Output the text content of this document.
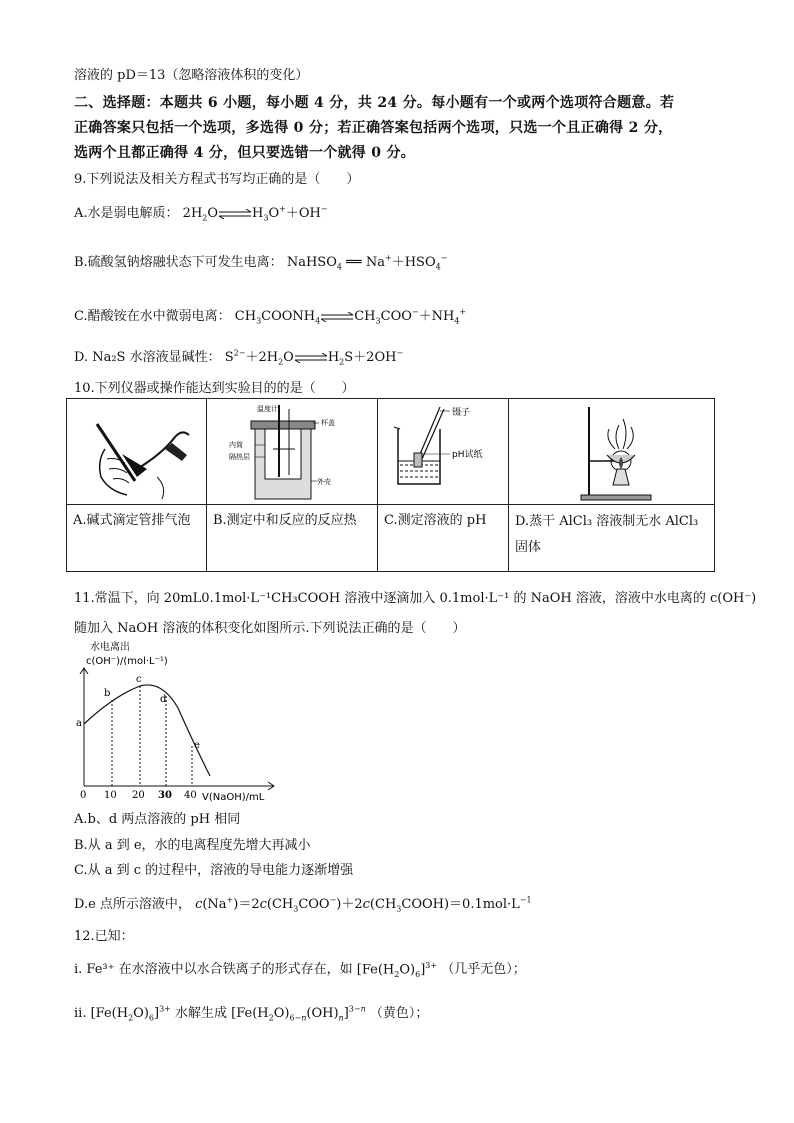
溶液的 pD＝13（忽略溶液体积的变化）
二、选择题：本题共 6 小题，每小题 4 分，共 24 分。每小题有一个或两个选项符合题意。若
正确答案只包括一个选项，多选得 0 分；若正确答案包括两个选项，只选一个且正确得 2 分，
选两个且都正确得 4 分，但只要选错一个就得 0 分。
9.下列说法及相关方程式书写均正确的是（　　）
A.水是弱电解质： $2H_2O\rightleftharpoons H_3O^++OH^-$
B.硫酸氢钠熔融状态下可发生电离： NaHSO$_4$ ══ $Na^++HSO_4^-$
C.醋酸铵在水中微弱电离： $CH_3COONH_4\rightleftharpoons CH_3COO^-+NH_4^+$
D. Na₂S 水溶液显碱性： $S^{2-}+2H_2O\rightleftharpoons H_2S+2OH^-$
10.下列仪器或操作能达到实验目的的是（　　）

温度计
杯盖
内筒
隔热层
外壳	镊子
pH试纸

A.碱式滴定管排气泡	B.测定中和反应的反应热	C.测定溶液的 pH	D.蒸干 AlCl₃ 溶液制无水 AlCl₃ 固体
11.常温下，向 20mL0.1mol·L⁻¹CH₃COOH 溶液中逐滴加入 0.1mol·L⁻¹ 的 NaOH 溶液，溶液中水电离的 c(OH⁻)
随加入 NaOH 溶液的体积变化如图所示.下列说法正确的是（　　）
水电离出
c(OH⁻)/(mol·L⁻¹)
a
b
c
d
e
0 10 20 30 40 V(NaOH)/mL
A.b、d 两点溶液的 pH 相同
B.从 a 到 e，水的电离程度先增大再减小
C.从 a 到 c 的过程中，溶液的导电能力逐渐增强
D.e 点所示溶液中， $c(Na^+)=2c(CH_3COO^-)+2c(CH_3COOH)=0.1mol\cdot L^{-1}$
12.已知：
i. Fe³⁺ 在水溶液中以水合铁离子的形式存在，如 $[Fe(H_2O)_6]^{3+}$ （几乎无色）；
ii. $[Fe(H_2O)_6]^{3+}$ 水解生成 $[Fe(H_2O)_{6-n}(OH)_n]^{3-n}$ （黄色）；
